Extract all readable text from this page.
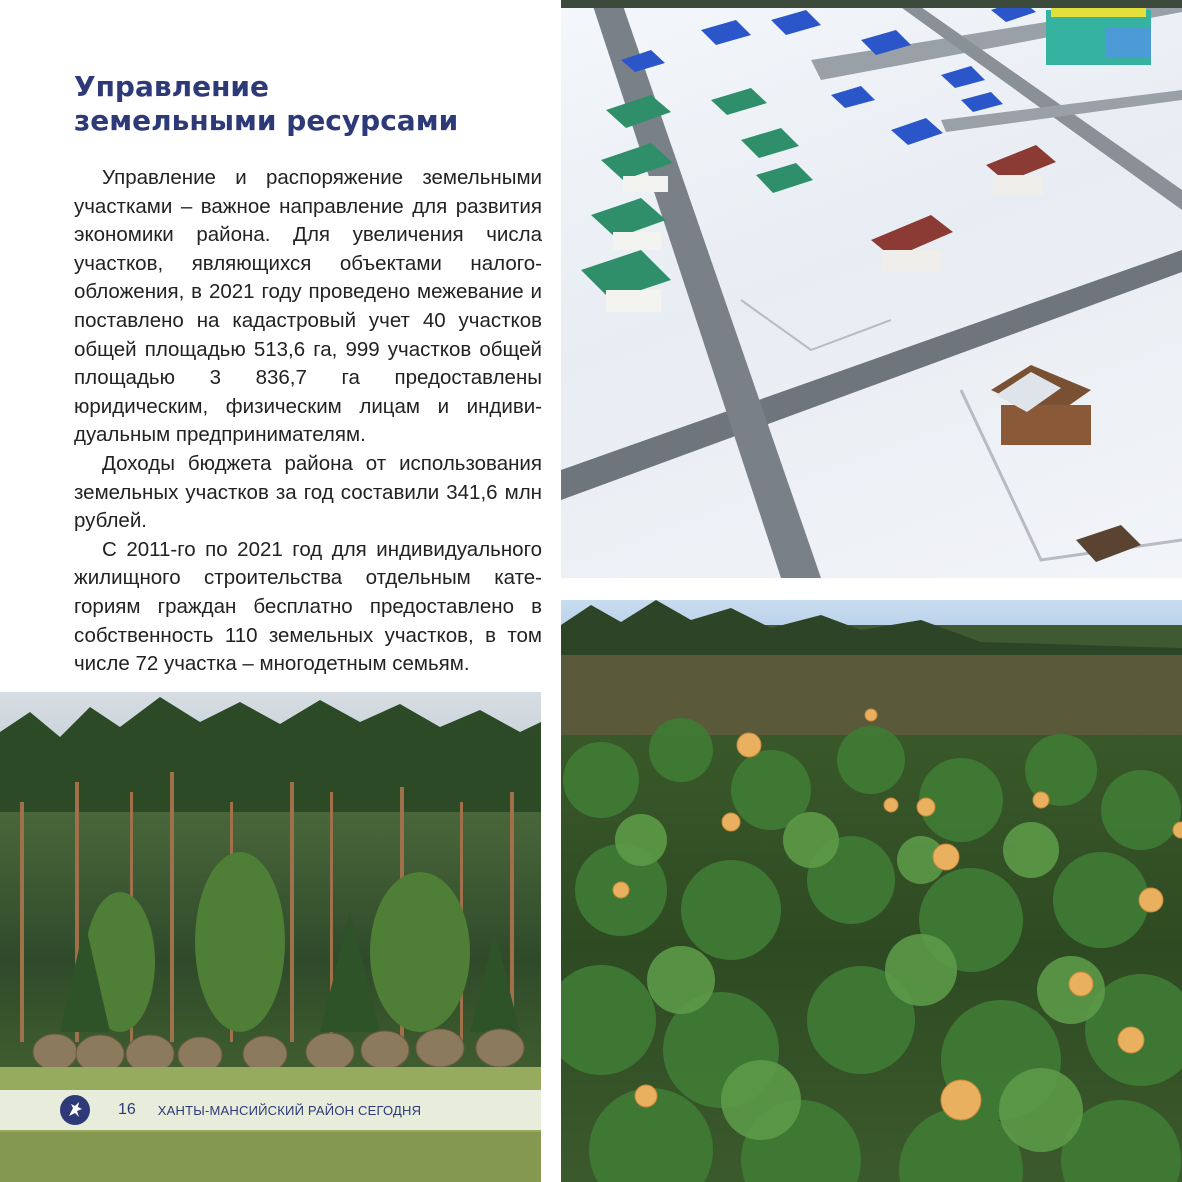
Управление
земельными ресурсами

Управление и распоряжение земельными участками – важное направление для развития экономики района. Для увеличения числа участков, являющихся объектами налогообложения, в 2021 году проведено межевание и поставлено на кадастровый учет 40 участков общей площадью 513,6 га, 999 участков общей площадью 3 836,7 га предоставлены юридическим, физическим лицам и индивидуальным предпринимателям.

Доходы бюджета района от использования земельных участков за год составили 341,6 млн рублей.

С 2011-го по 2021 год для индивидуального жилищного строительства отдельным категориям граждан бесплатно предоставлено в собственность 110 земельных участков, в том числе 72 участка – многодетным семьям.

16 ХАНТЫ-МАНСИЙСКИЙ РАЙОН СЕГОДНЯ
